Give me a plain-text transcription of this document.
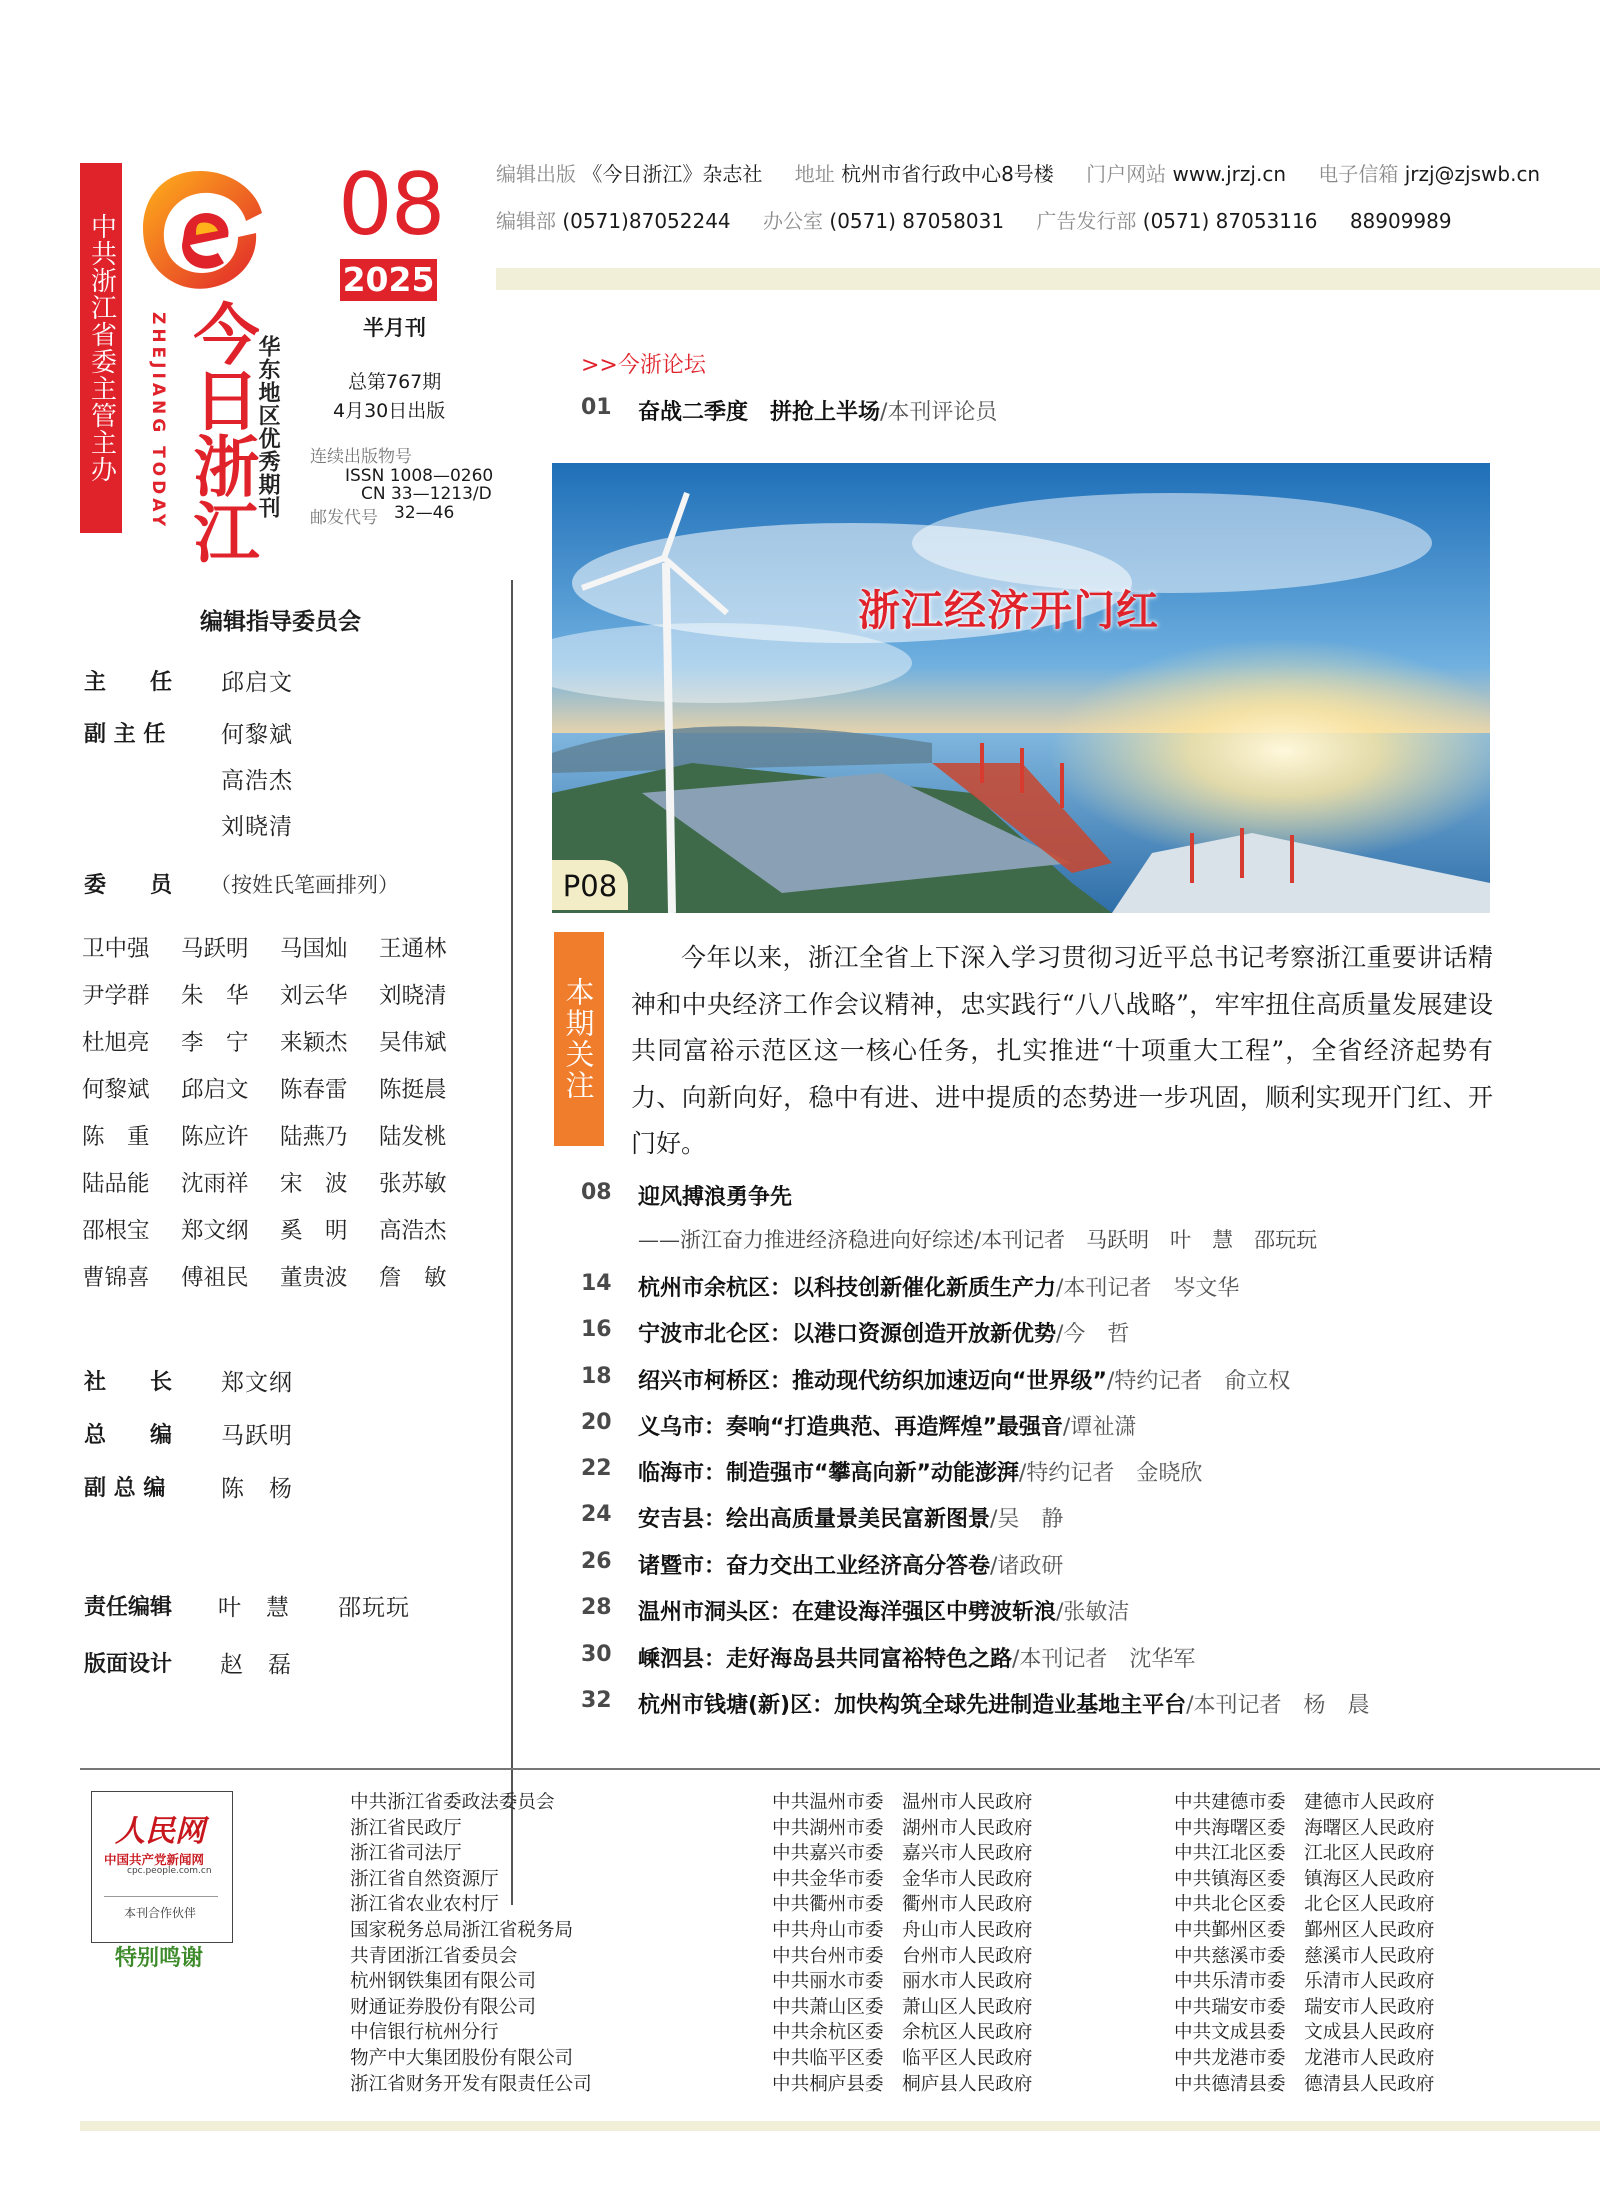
中共浙江省委主管主办 ZHEJIANG TODAY 今日浙江
华东地区优秀期刊
08
2025
半月刊
总第767期
4月30日出版
连续出版物号
ISSN 1008—0260
CN 33—1213/D
邮发代号 32—46
编辑出版 《今日浙江》杂志社 地址 杭州市省行政中心8号楼 门户网站 www.jrzj.cn 电子信箱 jrzj@zjswb.cn
编辑部 (0571)87052244 办公室 (0571) 87058031 广告发行部 (0571) 87053116 88909989
编辑指导委员会
主　　任 邱启文
副 主 任 何黎斌
高浩杰
刘晓清
委　　员 （按姓氏笔画排列）
卫中强	马跃明	马国灿	王通林
尹学群	朱　华	刘云华	刘晓清
杜旭亮	李　宁	来颖杰	吴伟斌
何黎斌	邱启文	陈春雷	陈挺晨
陈　重	陈应许	陆燕乃	陆发桃
陆品能	沈雨祥	宋　波	张苏敏
邵根宝	郑文纲	奚　明	高浩杰
曹锦喜	傅祖民	董贵波	詹　敏
社　　长 郑文纲
总　　编 马跃明
副 总 编 陈　杨
责任编辑 叶　慧　　邵玩玩
版面设计 赵　磊
>>今浙论坛
01 奋战二季度　拼抢上半场/本刊评论员
浙江经济开门红
P08
本期关注
今年以来，浙江全省上下深入学习贯彻习近平总书记考察浙江重要讲话精神和中央经济工作会议精神，忠实践行“八八战略”，牢牢扭住高质量发展建设共同富裕示范区这一核心任务，扎实推进“十项重大工程”，全省经济起势有力、向新向好，稳中有进、进中提质的态势进一步巩固，顺利实现开门红、开门好。
08 迎风搏浪勇争先
——浙江奋力推进经济稳进向好综述/本刊记者　马跃明　叶　慧　邵玩玩
14 杭州市余杭区：以科技创新催化新质生产力/本刊记者　岑文华
16 宁波市北仑区：以港口资源创造开放新优势/今　哲
18 绍兴市柯桥区：推动现代纺织加速迈向“世界级”/特约记者　俞立权
20 义乌市：奏响“打造典范、再造辉煌”最强音/谭祉潇
22 临海市：制造强市“攀高向新”动能澎湃/特约记者　金晓欣
24 安吉县：绘出高质量景美民富新图景/吴　静
26 诸暨市：奋力交出工业经济高分答卷/诸政研
28 温州市洞头区：在建设海洋强区中劈波斩浪/张敏洁
30 嵊泗县：走好海岛县共同富裕特色之路/本刊记者　沈华军
32 杭州市钱塘(新)区：加快构筑全球先进制造业基地主平台/本刊记者　杨　晨
人民网
中国共产党新闻网
cpc.people.com.cn
本刊合作伙伴
特别鸣谢
中共浙江省委政法委员会
浙江省民政厅
浙江省司法厅
浙江省自然资源厅
浙江省农业农村厅
国家税务总局浙江省税务局
共青团浙江省委员会
杭州钢铁集团有限公司
财通证券股份有限公司
中信银行杭州分行
物产中大集团股份有限公司
浙江省财务开发有限责任公司
中共温州市委　温州市人民政府
中共湖州市委　湖州市人民政府
中共嘉兴市委　嘉兴市人民政府
中共金华市委　金华市人民政府
中共衢州市委　衢州市人民政府
中共舟山市委　舟山市人民政府
中共台州市委　台州市人民政府
中共丽水市委　丽水市人民政府
中共萧山区委　萧山区人民政府
中共余杭区委　余杭区人民政府
中共临平区委　临平区人民政府
中共桐庐县委　桐庐县人民政府
中共建德市委　建德市人民政府
中共海曙区委　海曙区人民政府
中共江北区委　江北区人民政府
中共镇海区委　镇海区人民政府
中共北仑区委　北仑区人民政府
中共鄞州区委　鄞州区人民政府
中共慈溪市委　慈溪市人民政府
中共乐清市委　乐清市人民政府
中共瑞安市委　瑞安市人民政府
中共文成县委　文成县人民政府
中共龙港市委　龙港市人民政府
中共德清县委　德清县人民政府
